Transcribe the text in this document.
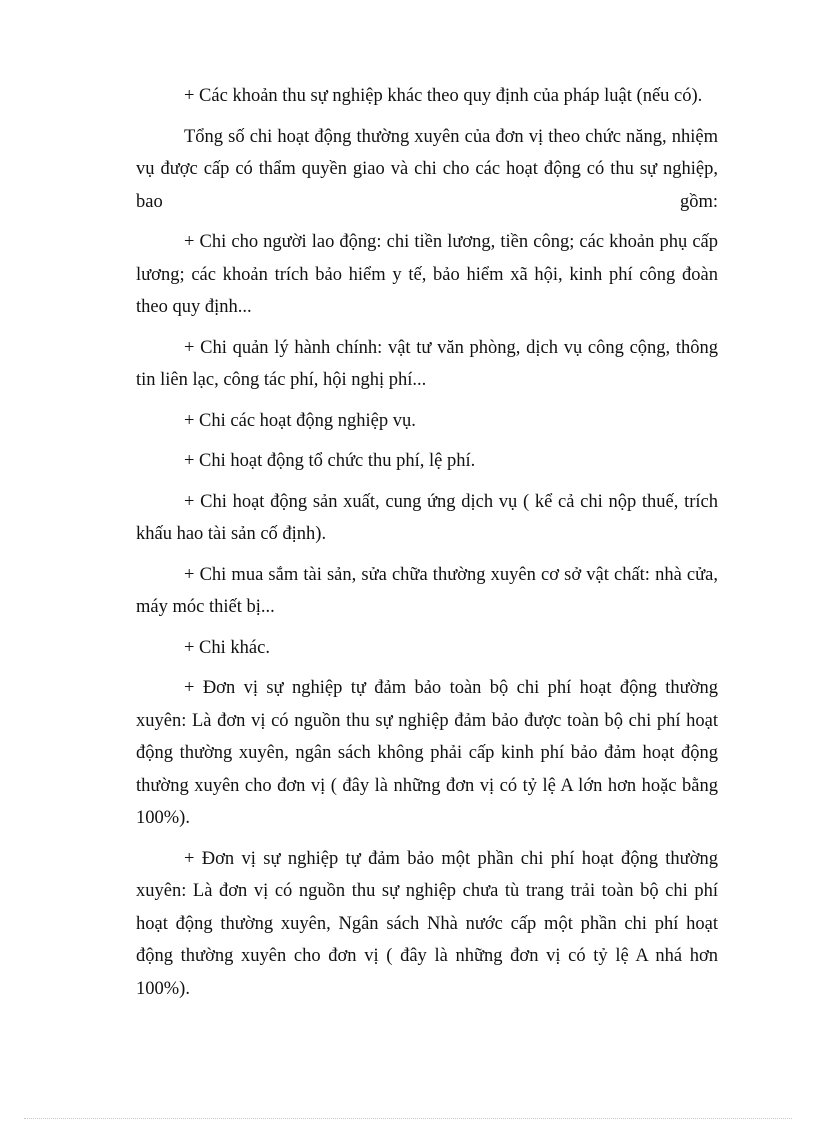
+ Các khoản thu sự nghiệp khác theo quy định của pháp luật (nếu có).

Tổng số chi hoạt động thường xuyên của đơn vị theo chức năng, nhiệm vụ được cấp có thẩm quyền giao và chi cho các hoạt động có thu sự nghiệp, bao gồm:

+ Chi cho người lao động: chi tiền lương, tiền công; các khoản phụ cấp lương; các khoản trích bảo hiểm y tế, bảo hiểm xã hội, kinh phí công đoàn theo quy định...

+ Chi quản lý hành chính: vật tư văn phòng, dịch vụ công cộng, thông tin liên lạc, công tác phí, hội nghị phí...

+ Chi các hoạt động nghiệp vụ.

+ Chi hoạt động tổ chức thu phí, lệ phí.

+ Chi hoạt động sản xuất, cung ứng dịch vụ ( kể cả chi nộp thuế, trích khấu hao tài sản cố định).

+ Chi mua sắm tài sản, sửa chữa thường xuyên cơ sở vật chất: nhà cửa, máy móc thiết bị...

+ Chi khác.

+ Đơn vị sự nghiệp tự đảm bảo toàn bộ chi phí hoạt động thường xuyên: Là đơn vị có nguồn thu sự nghiệp đảm bảo được toàn bộ chi phí hoạt động thường xuyên, ngân sách không phải cấp kinh phí bảo đảm hoạt động thường xuyên cho đơn vị ( đây là những đơn vị có tỷ lệ A lớn hơn hoặc bằng 100%).

+ Đơn vị sự nghiệp tự đảm bảo một phần chi phí hoạt động thường xuyên: Là đơn vị có nguồn thu sự nghiệp chưa tù trang trải toàn bộ chi phí hoạt động thường xuyên, Ngân sách Nhà nước cấp một phần chi phí hoạt động thường xuyên cho đơn vị ( đây là những đơn vị có tỷ lệ A nhá hơn 100%).
